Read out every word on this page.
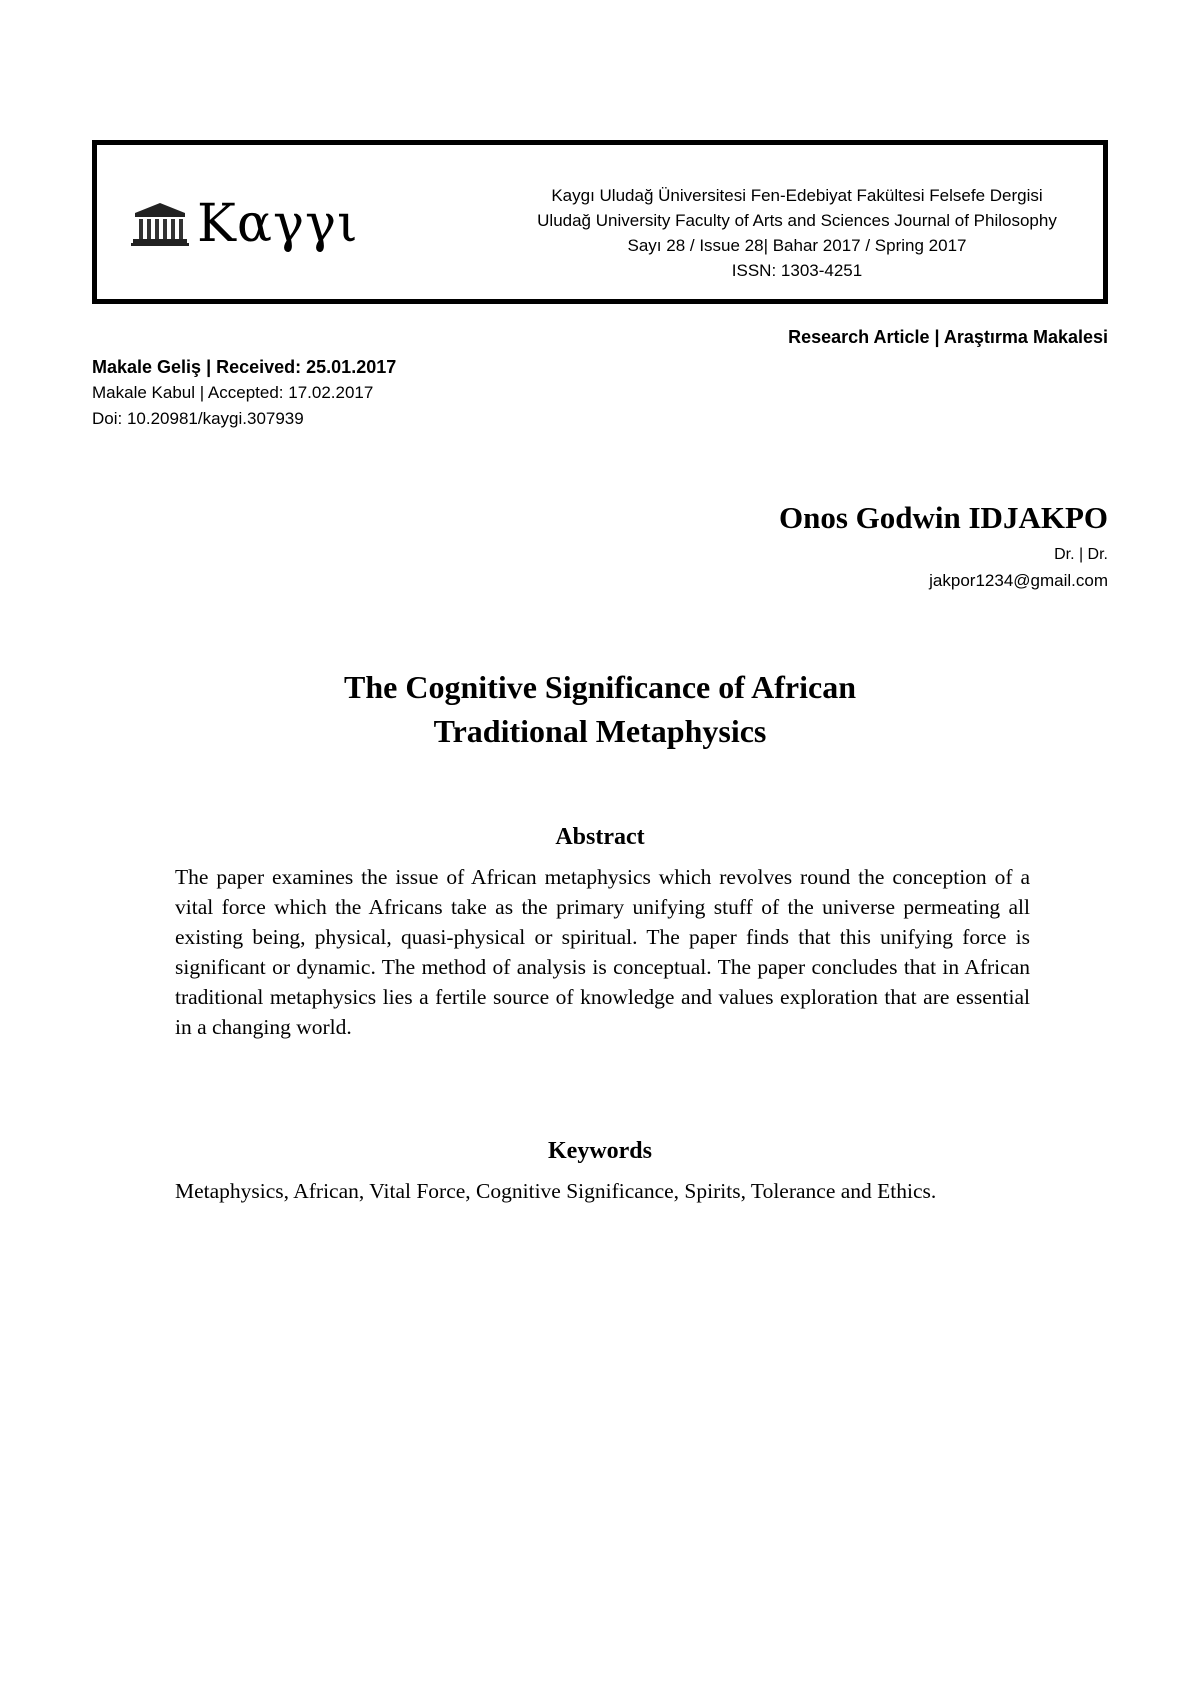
Καγγι	Kaygı Uludağ Üniversitesi Fen-Edebiyat Fakültesi Felsefe Dergisi
Uludağ University Faculty of Arts and Sciences Journal of Philosophy
Sayı 28 / Issue 28| Bahar 2017 / Spring 2017
ISSN: 1303-4251
Research Article | Araştırma Makalesi
Makale Geliş | Received: 25.01.2017
Makale Kabul | Accepted: 17.02.2017
Doi: 10.20981/kaygi.307939
Onos Godwin IDJAKPO
Dr. | Dr.
jakpor1234@gmail.com
The Cognitive Significance of African
Traditional Metaphysics
Abstract
The paper examines the issue of African metaphysics which revolves round the conception of a vital force which the Africans take as the primary unifying stuff of the universe permeating all existing being, physical, quasi-physical or spiritual. The paper finds that this unifying force is significant or dynamic. The method of analysis is conceptual. The paper concludes that in African traditional metaphysics lies a fertile source of knowledge and values exploration that are essential in a changing world.
Keywords
Metaphysics, African, Vital Force, Cognitive Significance, Spirits, Tolerance and Ethics.
